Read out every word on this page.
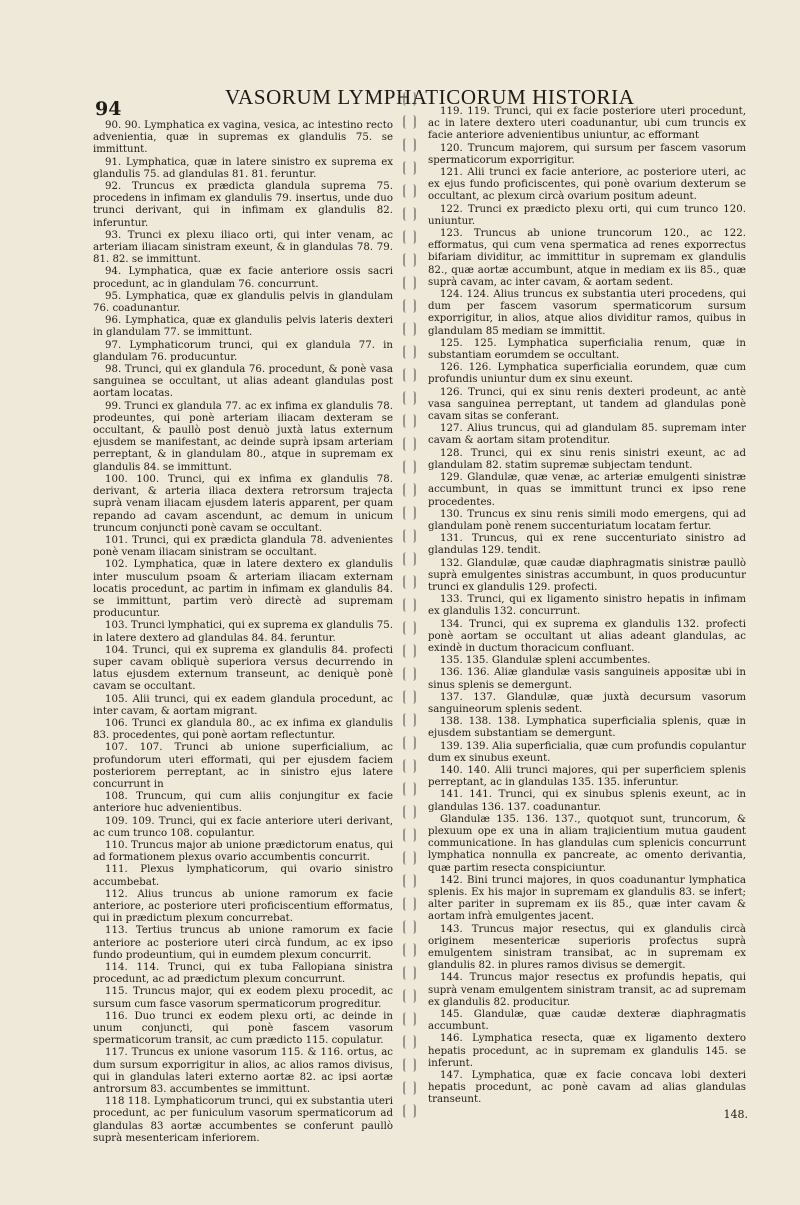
94	VASORUM LYMPHATICORUM HISTORIA

90. 90. Lymphatica ex vagina, vesica, ac intestino recto advenientia, quæ in supremas ex glandulis 75. se immittunt.

91. Lymphatica, quæ in latere sinistro ex suprema ex glandulis 75. ad glandulas 81. 81. feruntur.

92. Truncus ex prædicta glandula suprema 75. procedens in infimam ex glandulis 79. insertus, unde duo trunci derivant, qui in infimam ex glandulis 82. inferuntur.

93. Trunci ex plexu iliaco orti, qui inter venam, ac arteriam iliacam sinistram exeunt, & in glandulas 78. 79. 81. 82. se immittunt.

94. Lymphatica, quæ ex facie anteriore ossis sacri procedunt, ac in glandulam 76. concurrunt.

95. Lymphatica, quæ ex glandulis pelvis in glandulam 76. coadunantur.

96. Lymphatica, quæ ex glandulis pelvis lateris dexteri in glandulam 77. se immittunt.

97. Lymphaticorum trunci, qui ex glandula 77. in glandulam 76. producuntur.

98. Trunci, qui ex glandula 76. procedunt, & ponè vasa sanguinea se occultant, ut alias adeant glandulas post aortam locatas.

99. Trunci ex glandula 77. ac ex infima ex glandulis 78. prodeuntes, qui ponè arteriam iliacam dexteram se occultant, & paullò post denuò juxtà latus externum ejusdem se manifestant, ac deinde suprà ipsam arteriam perreptant, & in glandulam 80., atque in supremam ex glandulis 84. se immittunt.

100. 100. Trunci, qui ex infima ex glandulis 78. derivant, & arteria iliaca dextera retrorsum trajecta suprà venam iliacam ejusdem lateris apparent, per quam repando ad cavam ascendunt, ac demum in unicum truncum conjuncti ponè cavam se occultant.

101. Trunci, qui ex prædicta glandula 78. advenientes ponè venam iliacam sinistram se occultant.

102. Lymphatica, quæ in latere dextero ex glandulis inter musculum psoam & arteriam iliacam externam locatis procedunt, ac partim in infimam ex glandulis 84. se immittunt, partim verò directè ad supremam producuntur.

103. Trunci lymphatici, qui ex suprema ex glandulis 75. in latere dextero ad glandulas 84. 84. feruntur.

104. Trunci, qui ex suprema ex glandulis 84. profecti super cavam obliquè superiora versus decurrendo in latus ejusdem externum transeunt, ac deniquè ponè cavam se occultant.

105. Alii trunci, qui ex eadem glandula procedunt, ac inter cavam, & aortam migrant.

106. Trunci ex glandula 80., ac ex infima ex glandulis 83. procedentes, qui ponè aortam reflectuntur.

107. 107. Trunci ab unione superficialium, ac profundorum uteri efformati, qui per ejusdem faciem posteriorem perreptant, ac in sinistro ejus latere concurrunt in

108. Truncum, qui cum aliis conjungitur ex facie anteriore huc advenientibus.

109. 109. Trunci, qui ex facie anteriore uteri derivant, ac cum trunco 108. copulantur.

110. Truncus major ab unione prædictorum enatus, qui ad formationem plexus ovario accumbentis concurrit.

111. Plexus lymphaticorum, qui ovario sinistro accumbebat.

112. Alius truncus ab unione ramorum ex facie anteriore, ac posteriore uteri proficiscentium efformatus, qui in prædictum plexum concurrebat.

113. Tertius truncus ab unione ramorum ex facie anteriore ac posteriore uteri circà fundum, ac ex ipso fundo prodeuntium, qui in eumdem plexum concurrit.

114. 114. Trunci, qui ex tuba Fallopiana sinistra procedunt, ac ad prædictum plexum concurrunt.

115. Truncus major, qui ex eodem plexu procedit, ac sursum cum fasce vasorum spermaticorum progreditur.

116. Duo trunci ex eodem plexu orti, ac deinde in unum conjuncti, qui ponè fascem vasorum spermaticorum transit, ac cum prædicto 115. copulatur.

117. Truncus ex unione vasorum 115. & 116. ortus, ac dum sursum exporrigitur in alios, ac alios ramos divisus, qui in glandulas lateri externo aortæ 82. ac ipsi aortæ antrorsum 83. accumbentes se immittunt.

118 118. Lymphaticorum trunci, qui ex substantia uteri procedunt, ac per funiculum vasorum spermaticorum ad glandulas 83 aortæ accumbentes se conferunt paullò suprà mesentericam inferiorem.

119. 119. Trunci, qui ex facie posteriore uteri procedunt, ac in latere dextero uteri coadunantur, ubi cum truncis ex facie anteriore advenientibus uniuntur, ac efformant

120. Truncum majorem, qui sursum per fascem vasorum spermaticorum exporrigitur.

121. Alii trunci ex facie anteriore, ac posteriore uteri, ac ex ejus fundo proficiscentes, qui ponè ovarium dexterum se occultant, ac plexum circà ovarium positum adeunt.

122. Trunci ex prædicto plexu orti, qui cum trunco 120. uniuntur.

123. Truncus ab unione truncorum 120., ac 122. efformatus, qui cum vena spermatica ad renes exporrectus bifariam dividitur, ac immittitur in supremam ex glandulis 82., quæ aortæ accumbunt, atque in mediam ex iis 85., quæ suprà cavam, ac inter cavam, & aortam sedent.

124. 124. Alius truncus ex substantia uteri procedens, qui dum per fascem vasorum spermaticorum sursum exporrigitur, in alios, atque alios dividitur ramos, quibus in glandulam 85 mediam se immittit.

125. 125. Lymphatica superficialia renum, quæ in substantiam eorumdem se occultant.

126. 126. Lymphatica superficialia eorundem, quæ cum profundis uniuntur dum ex sinu exeunt.

126. Trunci, qui ex sinu renis dexteri prodeunt, ac antè vasa sanguinea perreptant, ut tandem ad glandulas ponè cavam sitas se conferant.

127. Alius truncus, qui ad glandulam 85. supremam inter cavam & aortam sitam protenditur.

128. Trunci, qui ex sinu renis sinistri exeunt, ac ad glandulam 82. statim supremæ subjectam tendunt.

129. Glandulæ, quæ venæ, ac arteriæ emulgenti sinistræ accumbunt, in quas se immittunt trunci ex ipso rene procedentes.

130. Truncus ex sinu renis simili modo emergens, qui ad glandulam ponè renem succenturiatum locatam fertur.

131. Truncus, qui ex rene succenturiato sinistro ad glandulas 129. tendit.

132. Glandulæ, quæ caudæ diaphragmatis sinistræ paullò suprà emulgentes sinistras accumbunt, in quos producuntur trunci ex glandulis 129. profecti.

133. Trunci, qui ex ligamento sinistro hepatis in infimam ex glandulis 132. concurrunt.

134. Trunci, qui ex suprema ex glandulis 132. profecti ponè aortam se occultant ut alias adeant glandulas, ac exindè in ductum thoracicum confluant.

135. 135. Glandulæ spleni accumbentes.

136. 136. Aliæ glandulæ vasis sanguineis appositæ ubi in sinus splenis se demergunt.

137. 137. Glandulæ, quæ juxtà decursum vasorum sanguineorum splenis sedent.

138. 138. 138. Lymphatica superficialia splenis, quæ in ejusdem substantiam se demergunt.

139. 139. Alia superficialia, quæ cum profundis copulantur dum ex sinubus exeunt.

140. 140. Alii trunci majores, qui per superficiem splenis perreptant, ac in glandulas 135. 135. inferuntur.

141. 141. Trunci, qui ex sinubus splenis exeunt, ac in glandulas 136. 137. coadunantur.

Glandulæ 135. 136. 137., quotquot sunt, truncorum, & plexuum ope ex una in aliam trajicientium mutua gaudent communicatione. In has glandulas cum splenicis concurrunt lymphatica nonnulla ex pancreate, ac omento derivantia, quæ partim resecta conspiciuntur.

142. Bini trunci majores, in quos coadunantur lymphatica splenis. Ex his major in supremam ex glandulis 83. se infert; alter pariter in supremam ex iis 85., quæ inter cavam & aortam infrà emulgentes jacent.

143. Truncus major resectus, qui ex glandulis circà originem mesentericæ superioris profectus suprà emulgentem sinistram transibat, ac in supremam ex glandulis 82. in plures ramos divisus se demergit.

144. Truncus major resectus ex profundis hepatis, qui suprà venam emulgentem sinistram transit, ac ad supremam ex glandulis 82. producitur.

145. Glandulæ, quæ caudæ dexteræ diaphragmatis accumbunt.

146. Lymphatica resecta, quæ ex ligamento dextero hepatis procedunt, ac in supremam ex glandulis 145. se inferunt.

147. Lymphatica, quæ ex facie concava lobi dexteri hepatis procedunt, ac ponè cavam ad alias glandulas transeunt.

148.
